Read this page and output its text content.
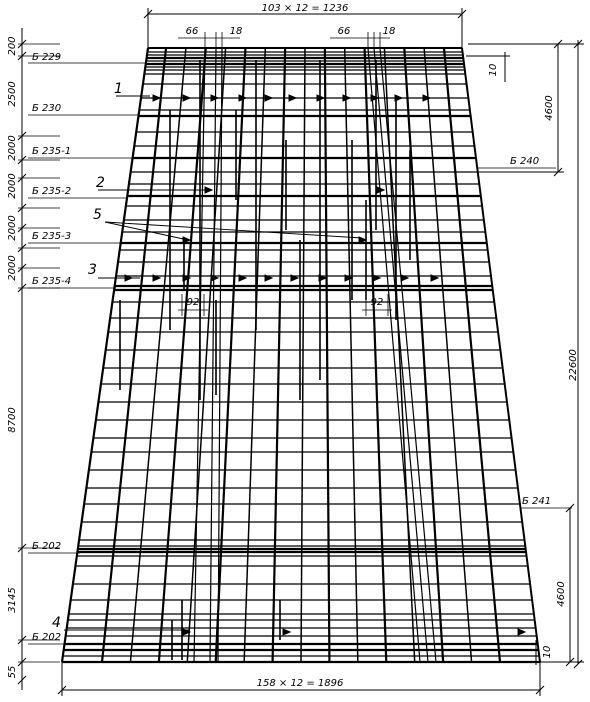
103 × 12 = 1236
66	18	66	18
200
2500
2000
2000
2000
2000
8700
3145
55
Б 229
Б 230
Б 235-1
Б 235-2
Б 235-3
Б 235-4
Б 202
Б 202
Б 240
Б 241
1
2
3
4
5
92	92
10
10
4600
4600
22600
158 × 12 = 1896
